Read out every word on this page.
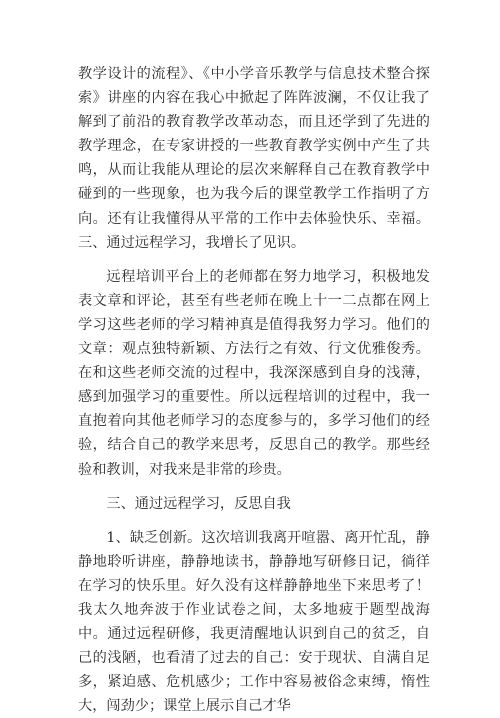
教学设计的流程》、《中小学音乐教学与信息技术整合探索》讲座的内容在我心中掀起了阵阵波澜，不仅让我了解到了前沿的教育教学改革动态，而且还学到了先进的教学理念，在专家讲授的一些教育教学实例中产生了共鸣，从而让我能从理论的层次来解释自己在教育教学中碰到的一些现象，也为我今后的课堂教学工作指明了方向。还有让我懂得从平常的工作中去体验快乐、幸福。三、通过远程学习，我增长了见识。

远程培训平台上的老师都在努力地学习，积极地发表文章和评论，甚至有些老师在晚上十一二点都在网上学习这些老师的学习精神真是值得我努力学习。他们的文章：观点独特新颖、方法行之有效、行文优雅俊秀。在和这些老师交流的过程中，我深深感到自身的浅薄，感到加强学习的重要性。所以远程培训的过程中，我一直抱着向其他老师学习的态度参与的，多学习他们的经验，结合自己的教学来思考，反思自己的教学。那些经验和教训，对我来是非常的珍贵。

三、通过远程学习，反思自我

1、缺乏创新。这次培训我离开喧嚣、离开忙乱，静静地聆听讲座，静静地读书，静静地写研修日记，徜徉在学习的快乐里。好久没有这样静静地坐下来思考了！我太久地奔波于作业试卷之间，太多地疲于题型战海中。通过远程研修，我更清醒地认识到自己的贫乏，自己的浅陋，也看清了过去的自己：安于现状、自满自足多，紧迫感、危机感少；工作中容易被俗念束缚，惰性大，闯劲少；课堂上展示自己才华
